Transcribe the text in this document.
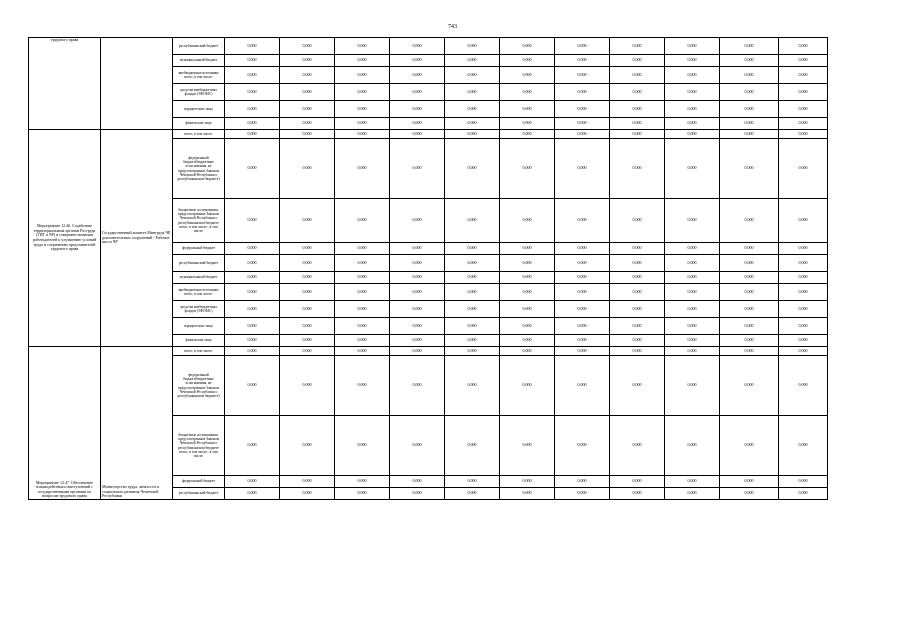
743
трудового права		республиканский бюджет	0,000	0,000	0,000	0,000	0,000	0,000	0,000	0,000	0,000	0,000	0,000
		муниципальный бюджет	0,000	0,000	0,000	0,000	0,000	0,000	0,000	0,000	0,000	0,000	0,000
		внебюджетные источники всего, в том числе:	0,000	0,000	0,000	0,000	0,000	0,000	0,000	0,000	0,000	0,000	0,000
		средства внебюджетных фондов (ТФОМС)	0,000	0,000	0,000	0,000	0,000	0,000	0,000	0,000	0,000	0,000	0,000
		юридические лица	0,000	0,000	0,000	0,000	0,000	0,000	0,000	0,000	0,000	0,000	0,000
		физические лица	0,000	0,000	0,000	0,000	0,000	0,000	0,000	0,000	0,000	0,000	0,000
Мероприятие 12.46. Содействие территориальным органам Росгруда (ГИТ в ЧР) в совершенствовании работодателей к улучшению условий труда и сохранению представителей трудового права	Государственный комитет Минтруда ЧР, дополнительных сооружений - Рабочие места ЧР	всего, в том числе:	0,000	0,000	0,000	0,000	0,000	0,000	0,000	0,000	0,000	0,000	0,000
		федеральный бюджет(бюджетные ассигнования, не предусмотренные Законом Чеченской Республики о республиканском бюджете)	0,000	0,000	0,000	0,000	0,000	0,000	0,000	0,000	0,000	0,000	0,000
		бюджетные ассигнования, предусмотренные Законом Чеченской Республики о республиканском бюджете всего, в том числе:, в том числе:	0,000	0,000	0,000	0,000	0,000	0,000	0,000	0,000	0,000	0,000	0,000
		федеральный бюджет	0,000	0,000	0,000	0,000	0,000	0,000	0,000	0,000	0,000	0,000	0,000
		республиканский бюджет	0,000	0,000	0,000	0,000	0,000	0,000	0,000	0,000	0,000	0,000	0,000
		муниципальный бюджет	0,000	0,000	0,000	0,000	0,000	0,000	0,000	0,000	0,000	0,000	0,000
		внебюджетные источники всего, в том числе:	0,000	0,000	0,000	0,000	0,000	0,000	0,000	0,000	0,000	0,000	0,000
		средства внебюджетных фондов (ТФОМС)	0,000	0,000	0,000	0,000	0,000	0,000	0,000	0,000	0,000	0,000	0,000
		юридические лица	0,000	0,000	0,000	0,000	0,000	0,000	0,000	0,000	0,000	0,000	0,000
		физические лица	0,000	0,000	0,000	0,000	0,000	0,000	0,000	0,000	0,000	0,000	0,000
Мероприятие 12.47. Обеспечение взаимодействия и выступлений с государственными органами по вопросам трудового права	Министерство труда, занятости и социального развития Чеченской Республики	всего, в том числе:	0,000	0,000	0,000	0,000	0,000	0,000	0,000	0,000	0,000	0,000	0,000
		федеральный бюджет(бюджетные ассигнования, не предусмотренные Законом Чеченской Республики о республиканском бюджете)	0,000	0,000	0,000	0,000	0,000	0,000	0,000	0,000	0,000	0,000	0,000
		бюджетные ассигнования, предусмотренные Законом Чеченской Республики о республиканском бюджете всего, в том числе:, в том числе:	0,000	0,000	0,000	0,000	0,000	0,000	0,000	0,000	0,000	0,000	0,000
		федеральный бюджет	0,000	0,000	0,000	0,000	0,000	0,000	0,000	0,000	0,000	0,000	0,000
		республиканский бюджет	0,000	0,000	0,000	0,000	0,000	0,000	0,000	0,000	0,000	0,000	0,000
